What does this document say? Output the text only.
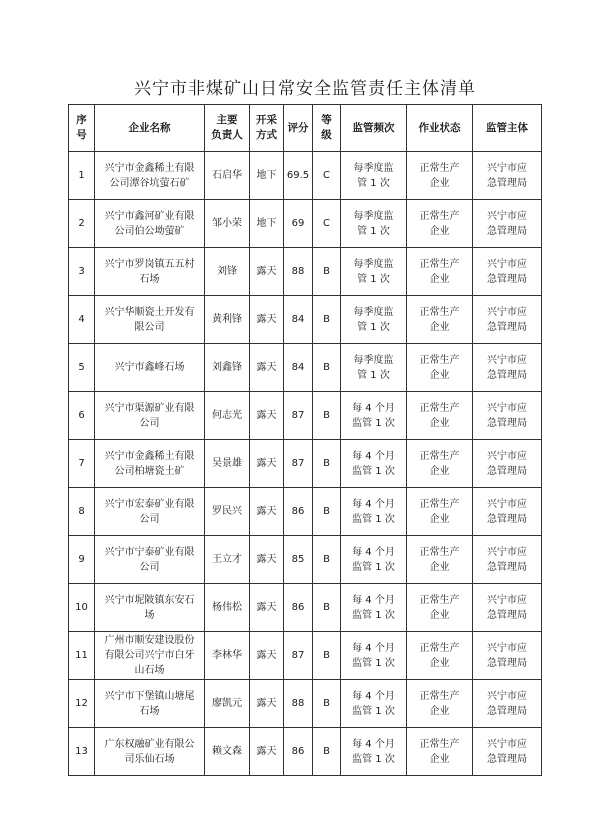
兴宁市非煤矿山日常安全监管责任主体清单
序
号	企业名称	主要
负责人	开采
方式	评分	等
级	监管频次	作业状态	监管主体

1	兴宁市金鑫稀土有限
公司潭谷坑萤石矿	石启华	地下	69.5	C	每季度监
管 1 次	正常生产
企业	兴宁市应
急管理局

2	兴宁市鑫河矿业有限
公司伯公坳萤矿	邹小荣	地下	69	C	每季度监
管 1 次	正常生产
企业	兴宁市应
急管理局

3	兴宁市罗岗镇五五村
石场	刘锋	露天	88	B	每季度监
管 1 次	正常生产
企业	兴宁市应
急管理局

4	兴宁华顺瓷土开发有
限公司	黄利锋	露天	84	B	每季度监
管 1 次	正常生产
企业	兴宁市应
急管理局

5	兴宁市鑫峰石场	刘鑫锋	露天	84	B	每季度监
管 1 次	正常生产
企业	兴宁市应
急管理局

6	兴宁市渠源矿业有限
公司	何志光	露天	87	B	每 4 个月
监管 1 次	正常生产
企业	兴宁市应
急管理局

7	兴宁市金鑫稀土有限
公司柏塘瓷土矿	吴景雄	露天	87	B	每 4 个月
监管 1 次	正常生产
企业	兴宁市应
急管理局

8	兴宁市宏泰矿业有限
公司	罗民兴	露天	86	B	每 4 个月
监管 1 次	正常生产
企业	兴宁市应
急管理局

9	兴宁市宁泰矿业有限
公司	王立才	露天	85	B	每 4 个月
监管 1 次	正常生产
企业	兴宁市应
急管理局

10	兴宁市坭陂镇东安石
场	杨伟松	露天	86	B	每 4 个月
监管 1 次	正常生产
企业	兴宁市应
急管理局

11	广州市顺安建设股份
有限公司兴宁市白牙
山石场	李林华	露天	87	B	每 4 个月
监管 1 次	正常生产
企业	兴宁市应
急管理局

12	兴宁市下堡镇山塘尾
石场	廖凯元	露天	88	B	每 4 个月
监管 1 次	正常生产
企业	兴宁市应
急管理局

13	广东权融矿业有限公
司乐仙石场	赖文森	露天	86	B	每 4 个月
监管 1 次	正常生产
企业	兴宁市应
急管理局
